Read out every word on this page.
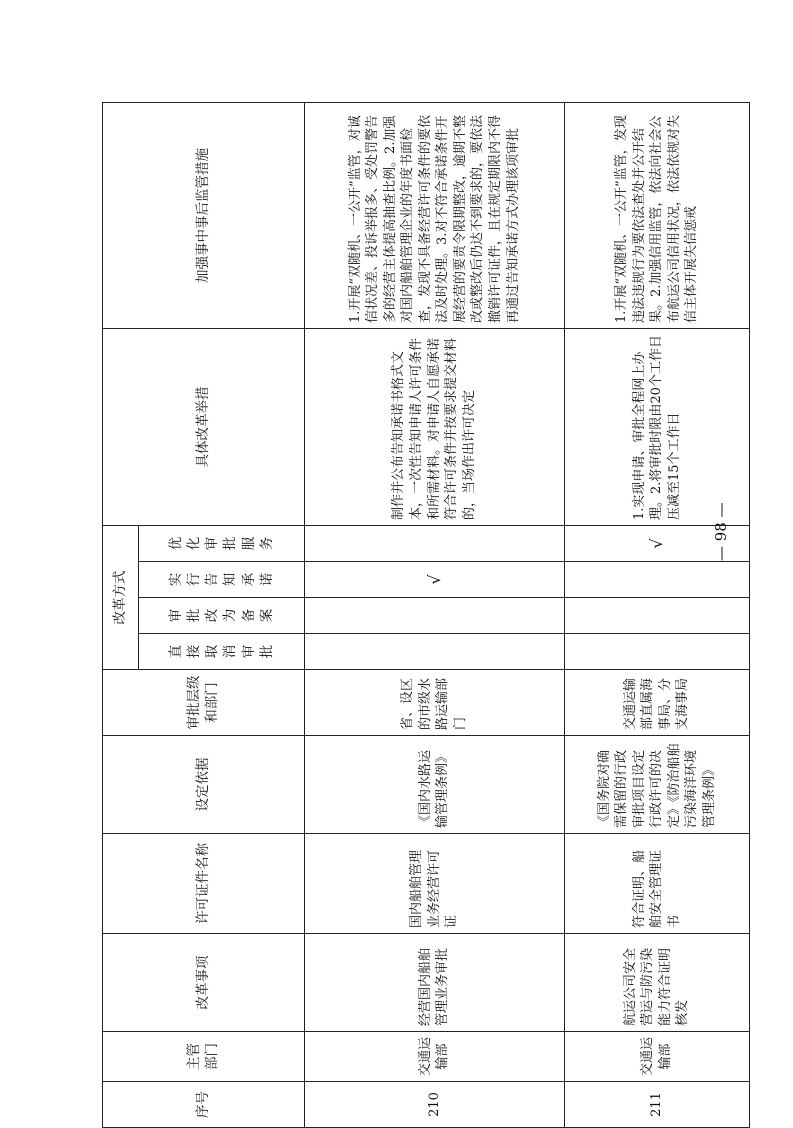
序号	主管部门	改革事项	许可证件名称	设定依据	审批层级和部门	改革方式				具体改革举措	加强事中事后监管措施
						直接取消审批	审批改为备案	实行告知承诺	优化审批服务		
210	交通运输部	经营国内船舶管理业务审批	国内船舶管理业务经营许可证	《国内水路运输管理条例》	省、设区的市级水路运输部门			√		制作并公布告知承诺书格式文本，一次性告知申请人许可条件和所需材料。对申请人自愿承诺符合许可条件并按要求提交材料的，当场作出许可决定	1.开展“双随机、一公开”监管，对诚信状况差、投诉举报多、受处罚警告多的经营主体提高抽查比例。2.加强对国内船舶管理企业的年度书面检查，发现不具备经营许可条件的要依法及时处理。3.对不符合承诺条件开展经营的要责令限期整改，逾期不整改或整改后仍达不到要求的，要依法撤销许可证件，且在规定期限内不得再通过告知承诺方式办理该项审批
211	交通运输部	航运公司安全营运与防污染能力符合证明核发	符合证明、船舶安全管理证书	《国务院对确需保留的行政审批项目设定行政许可的决定》《防治船舶污染海洋环境管理条例》	交通运输部直属海事局、分支海事局				√	1.实现申请、审批全程网上办理。2.将审批时限由20个工作日压减至15个工作日	1.开展“双随机、一公开”监管，发现违法违规行为要依法查处并公开结果。2.加强信用监管，依法向社会公布航运公司信用状况，依法依规对失信主体开展失信惩戒
— 98 —
